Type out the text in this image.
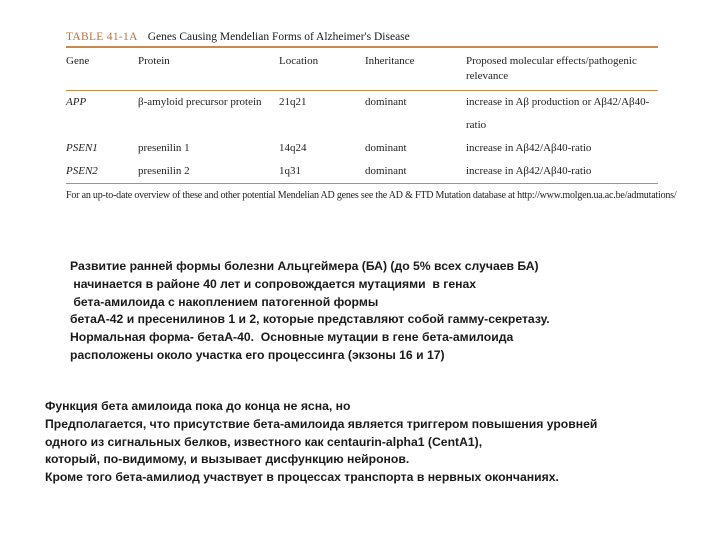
TABLE 41-1A Genes Causing Mendelian Forms of Alzheimer's Disease
Gene	Protein	Location	Inheritance	Proposed molecular effects/pathogenic
relevance

APP	β-amyloid precursor protein	21q21	dominant	increase in Aβ production or Aβ42/Aβ40-ratio
PSEN1	presenilin 1	14q24	dominant	increase in Aβ42/Aβ40-ratio
PSEN2	presenilin 2	1q31	dominant	increase in Aβ42/Aβ40-ratio

For an up-to-date overview of these and other potential Mendelian AD genes see the AD & FTD Mutation database at http://www.molgen.ua.ac.be/admutations/
Развитие ранней формы болезни Альцгеймера (БА) (до 5% всех случаев БА)
начинается в районе 40 лет и сопровождается мутациями  в генах
бета-амилоида с накоплением патогенной формы
бетаА-42 и пресенилинов 1 и 2, которые представляют собой гамму-секретазу.
Нормальная форма- бетаА-40.  Основные мутации в гене бета-амилоида
расположены около участка его процессинга (экзоны 16 и 17)
Функция бета амилоида пока до конца не ясна, но
Предполагается, что присутствие бета-амилоида является триггером повышения уровней
одного из сигнальных белков, известного как centaurin-alpha1 (CentA1),
который, по-видимому, и вызывает дисфункцию нейронов.
Кроме того бета-амилиод участвует в процессах транспорта в нервных окончаниях.
